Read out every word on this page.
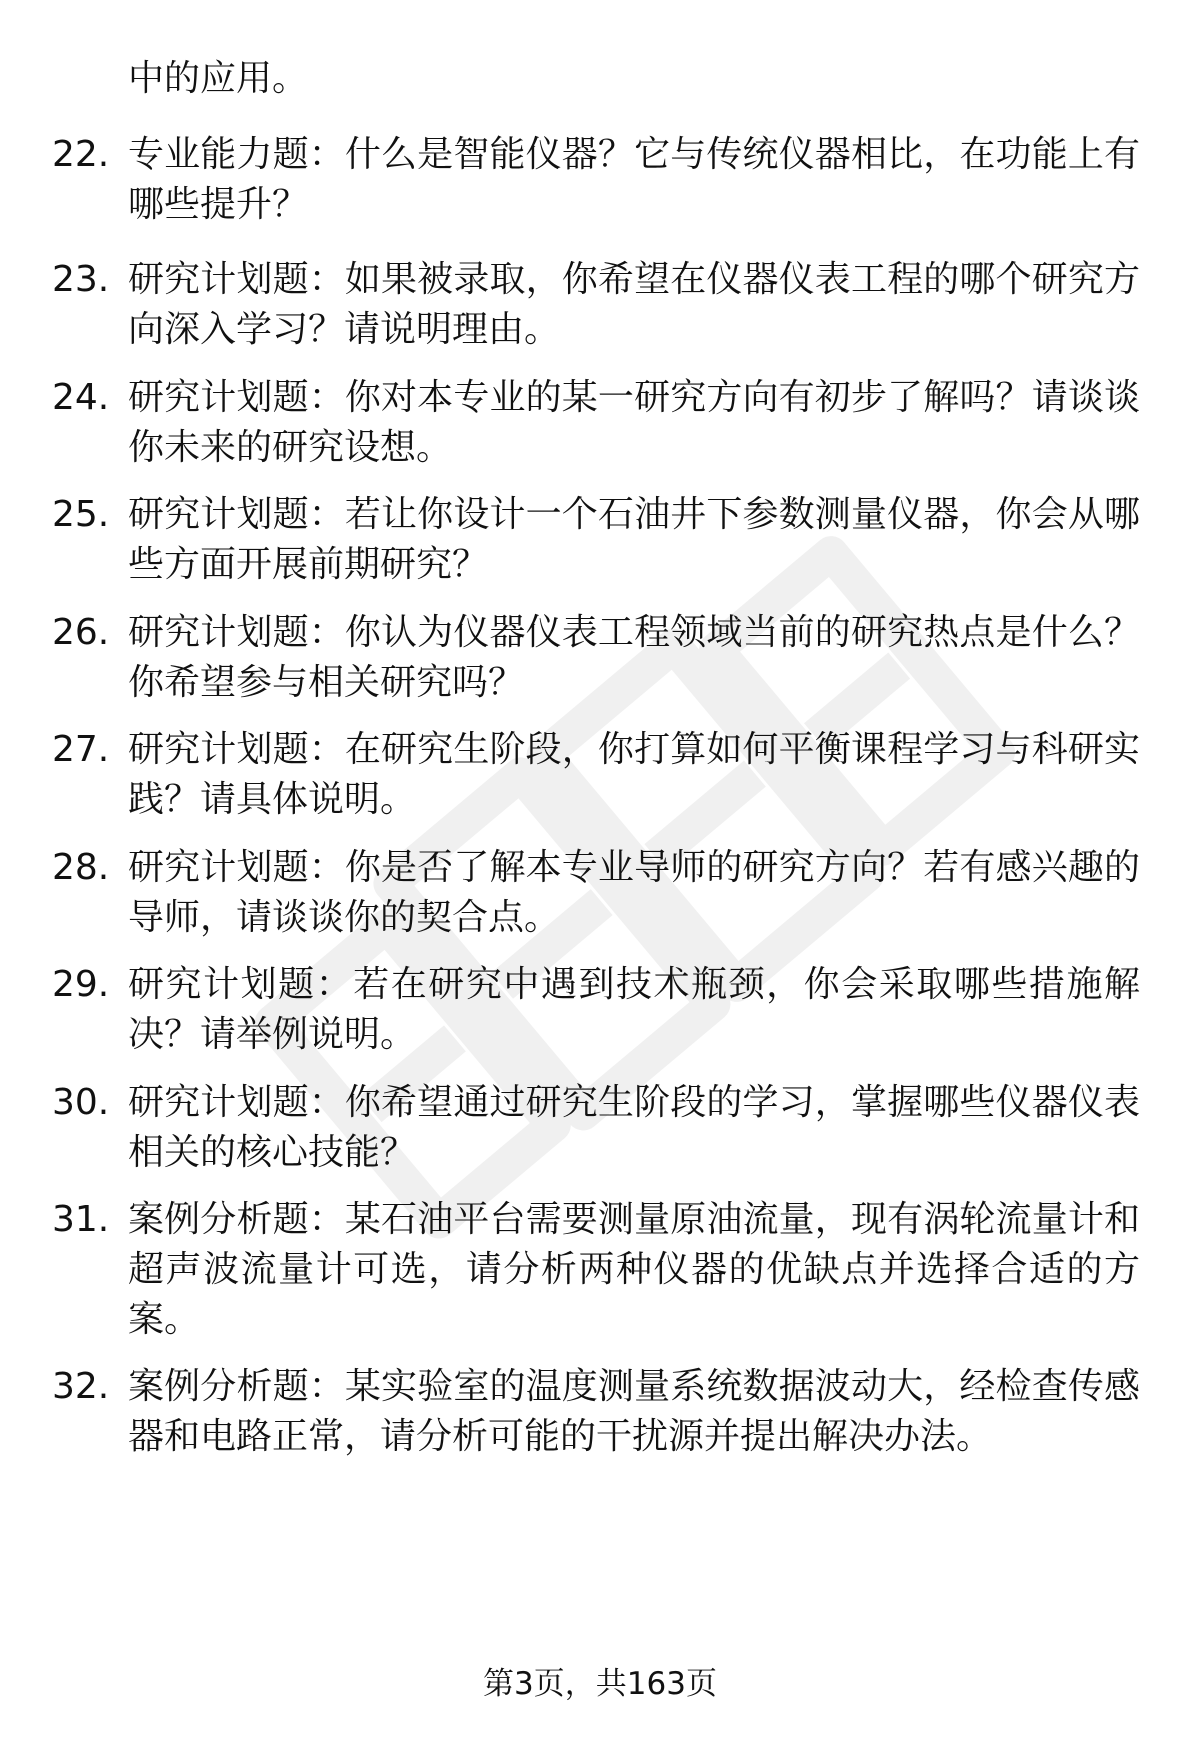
中的应用。

22. 专业能力题：什么是智能仪器？它与传统仪器相比，在功能上有哪些提升？
23. 研究计划题：如果被录取，你希望在仪器仪表工程的哪个研究方向深入学习？请说明理由。
24. 研究计划题：你对本专业的某一研究方向有初步了解吗？请谈谈你未来的研究设想。
25. 研究计划题：若让你设计一个石油井下参数测量仪器，你会从哪些方面开展前期研究？
26. 研究计划题：你认为仪器仪表工程领域当前的研究热点是什么？你希望参与相关研究吗？
27. 研究计划题：在研究生阶段，你打算如何平衡课程学习与科研实践？请具体说明。
28. 研究计划题：你是否了解本专业导师的研究方向？若有感兴趣的导师，请谈谈你的契合点。
29. 研究计划题：若在研究中遇到技术瓶颈，你会采取哪些措施解决？请举例说明。
30. 研究计划题：你希望通过研究生阶段的学习，掌握哪些仪器仪表相关的核心技能？
31. 案例分析题：某石油平台需要测量原油流量，现有涡轮流量计和超声波流量计可选，请分析两种仪器的优缺点并选择合适的方案。
32. 案例分析题：某实验室的温度测量系统数据波动大，经检查传感器和电路正常，请分析可能的干扰源并提出解决办法。
第3页，共163页
